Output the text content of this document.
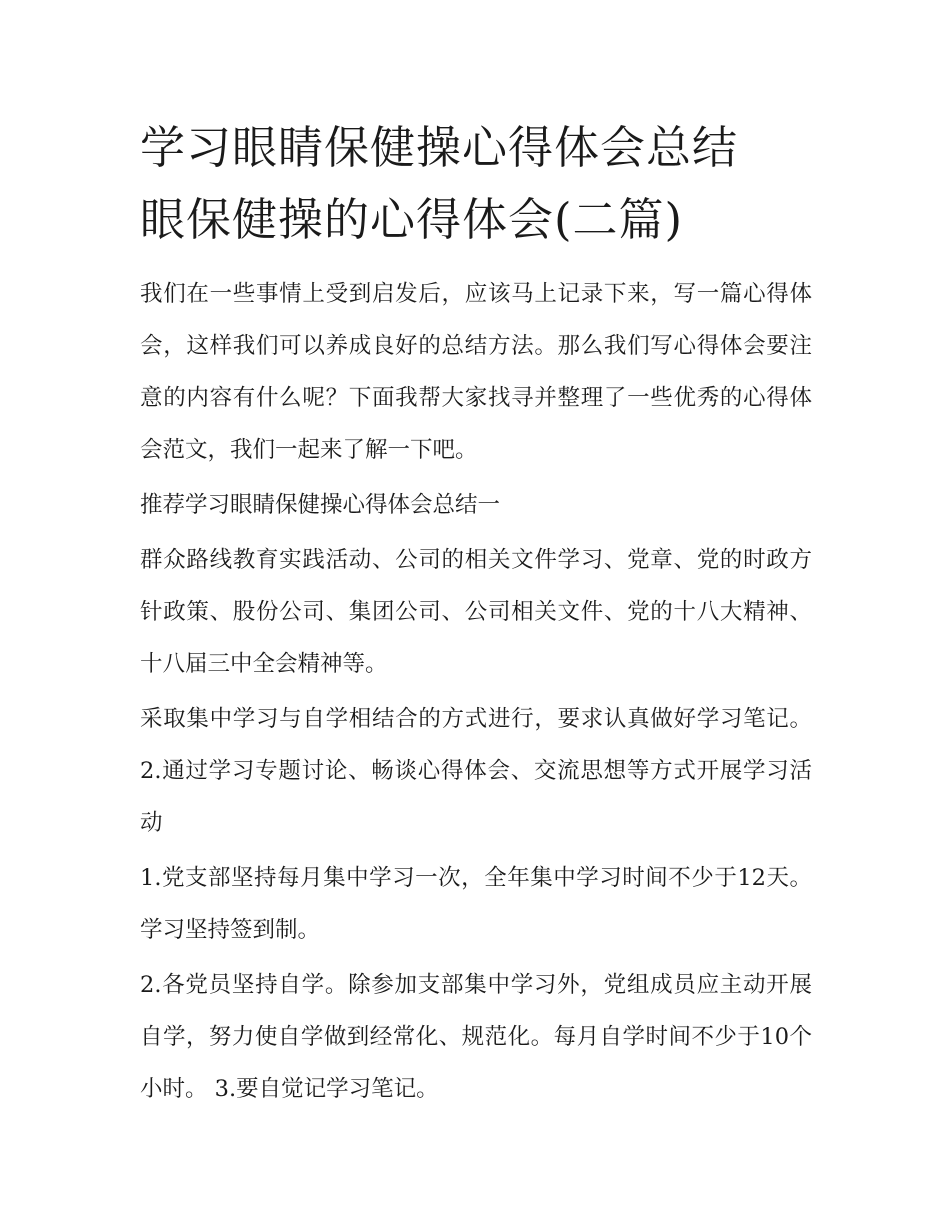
学习眼睛保健操心得体会总结
眼保健操的心得体会(二篇)

我们在一些事情上受到启发后，应该马上记录下来，写一篇心得体会，这样我们可以养成良好的总结方法。那么我们写心得体会要注意的内容有什么呢？下面我帮大家找寻并整理了一些优秀的心得体会范文，我们一起来了解一下吧。

推荐学习眼睛保健操心得体会总结一

群众路线教育实践活动、公司的相关文件学习、党章、党的时政方针政策、股份公司、集团公司、公司相关文件、党的十八大精神、十八届三中全会精神等。

采取集中学习与自学相结合的方式进行，要求认真做好学习笔记。 2.通过学习专题讨论、畅谈心得体会、交流思想等方式开展学习活动

1.党支部坚持每月集中学习一次，全年集中学习时间不少于12天。学习坚持签到制。

2.各党员坚持自学。除参加支部集中学习外，党组成员应主动开展自学，努力使自学做到经常化、规范化。每月自学时间不少于10个小时。 3.要自觉记学习笔记。
